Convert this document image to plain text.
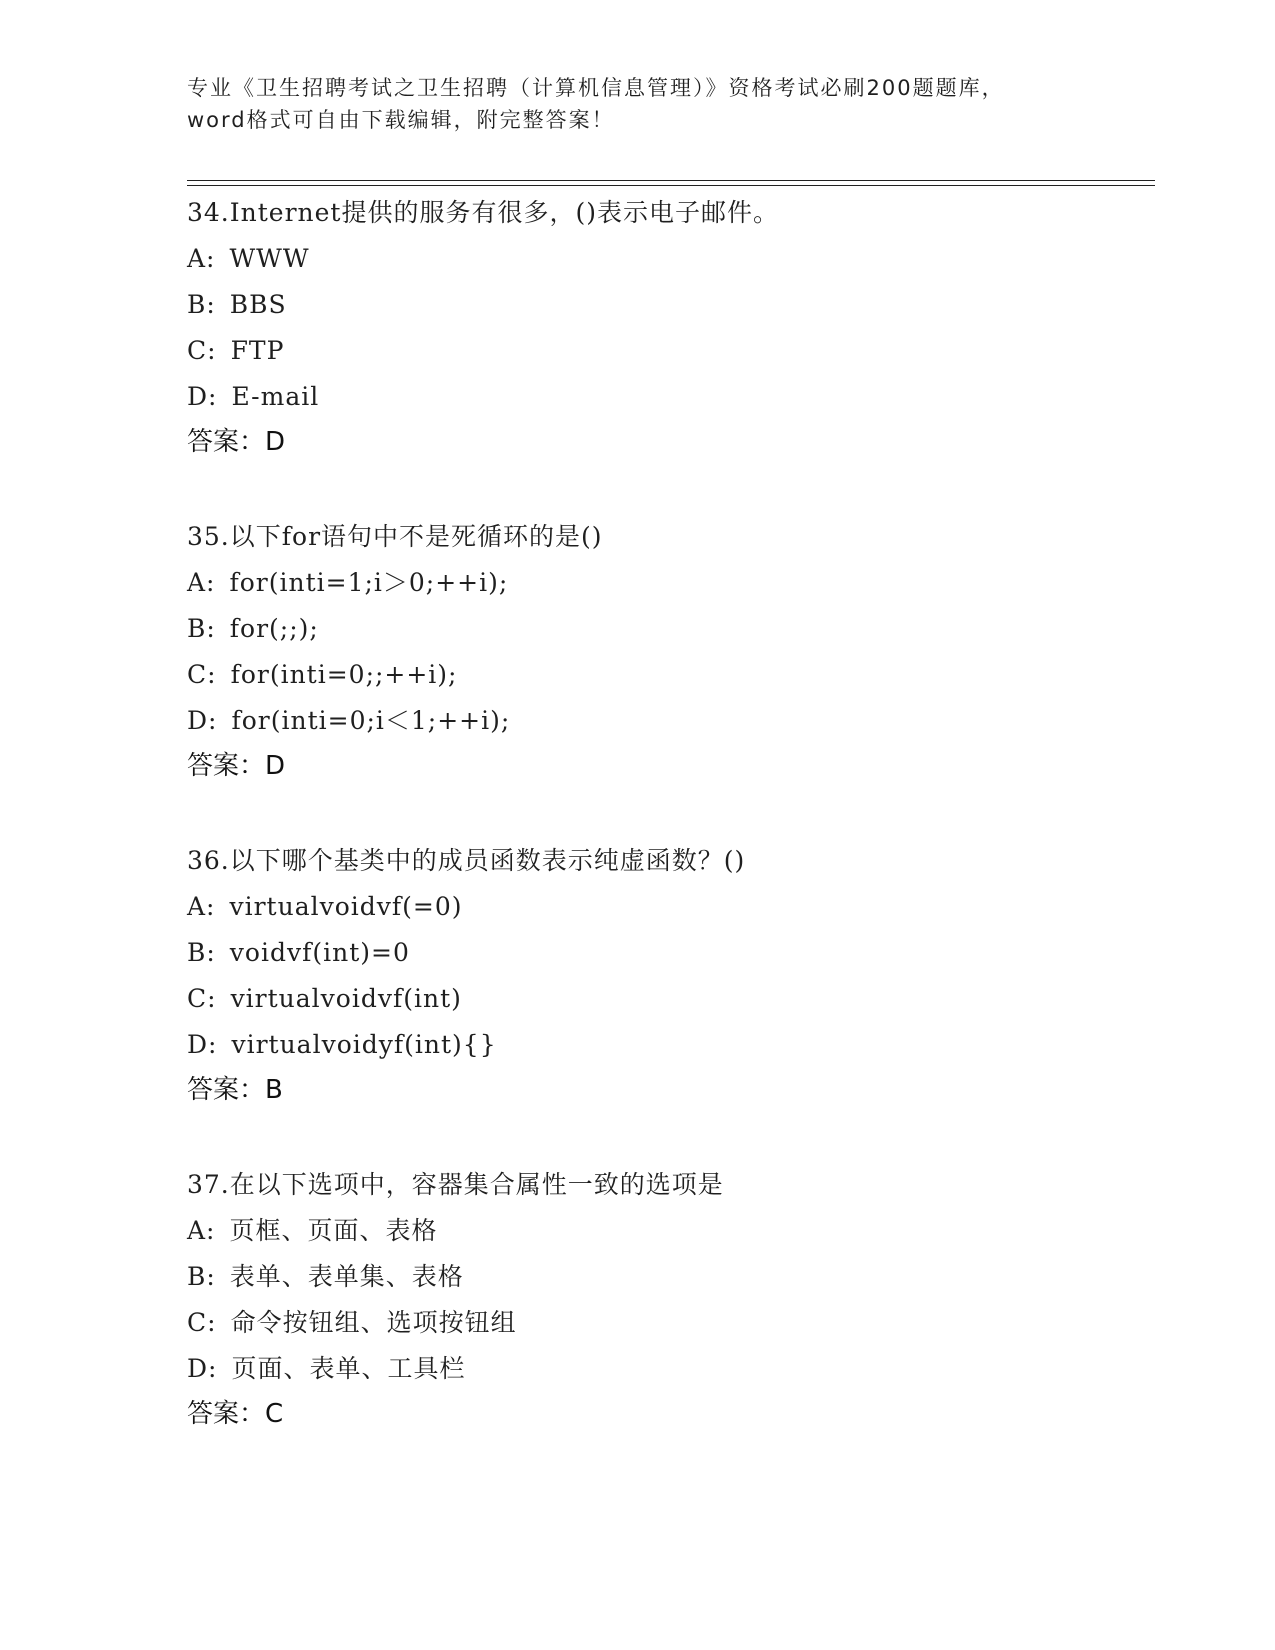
专业《卫生招聘考试之卫生招聘（计算机信息管理）》资格考试必刷200题题库，
word格式可自由下载编辑，附完整答案！
34.Internet提供的服务有很多，()表示电子邮件。
A: WWW
B: BBS
C: FTP
D: E-mail
答案：D
35.以下for语句中不是死循环的是()
A: for(inti=1;i＞0;++i);
B: for(;;);
C: for(inti=0;;++i);
D: for(inti=0;i＜1;++i);
答案：D
36.以下哪个基类中的成员函数表示纯虚函数？()
A: virtualvoidvf(=0)
B: voidvf(int)=0
C: virtualvoidvf(int)
D: virtualvoidyf(int){}
答案：B
37.在以下选项中，容器集合属性一致的选项是
A: 页框、页面、表格
B: 表单、表单集、表格
C: 命令按钮组、选项按钮组
D: 页面、表单、工具栏
答案：C
